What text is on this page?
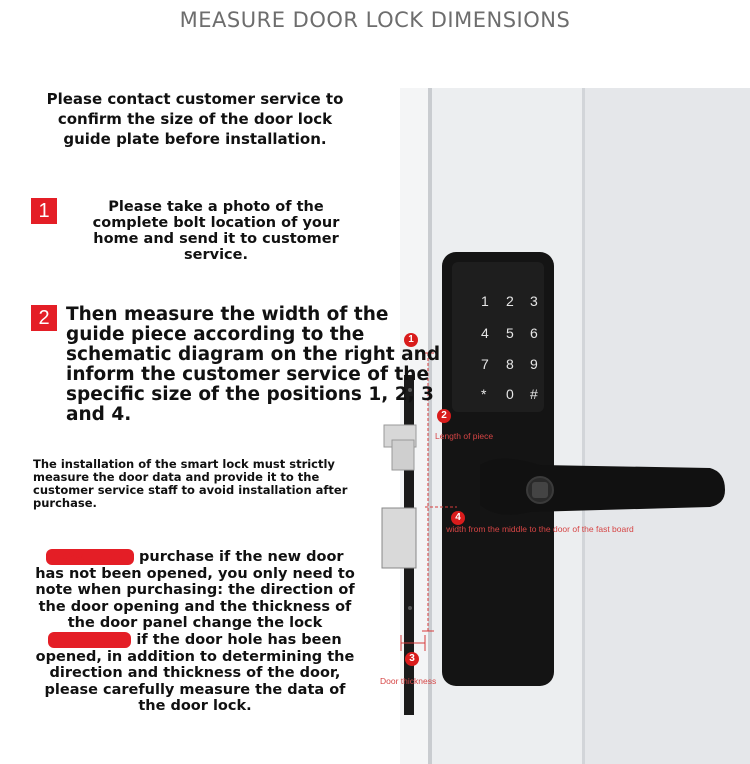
MEASURE DOOR LOCK DIMENSIONS
1 2 3
4 5 6
7 8 9
* 0 #
1
2
Length of piece
4
width from the middle to the door of the fast board
3
Door thickness
Please contact customer service to confirm the size of the door lock guide plate before installation.
1	Please take a photo of the complete bolt location of your home and send it to customer service.
2 Then measure the width of the guide piece according to the schematic diagram on the right and inform the customer service of the specific size of the positions 1, 2, 3 and 4.
The installation of the smart lock must strictly measure the door data and provide it to the customer service staff to avoid installation after purchase.
New Door purchase if the new door has not been opened, you only need to note when purchasing: the direction of the door opening and the thickness of the door panel change the lock purchase if the door hole has been opened, in addition to determining the direction and thickness of the door, please carefully measure the data of the door lock.
